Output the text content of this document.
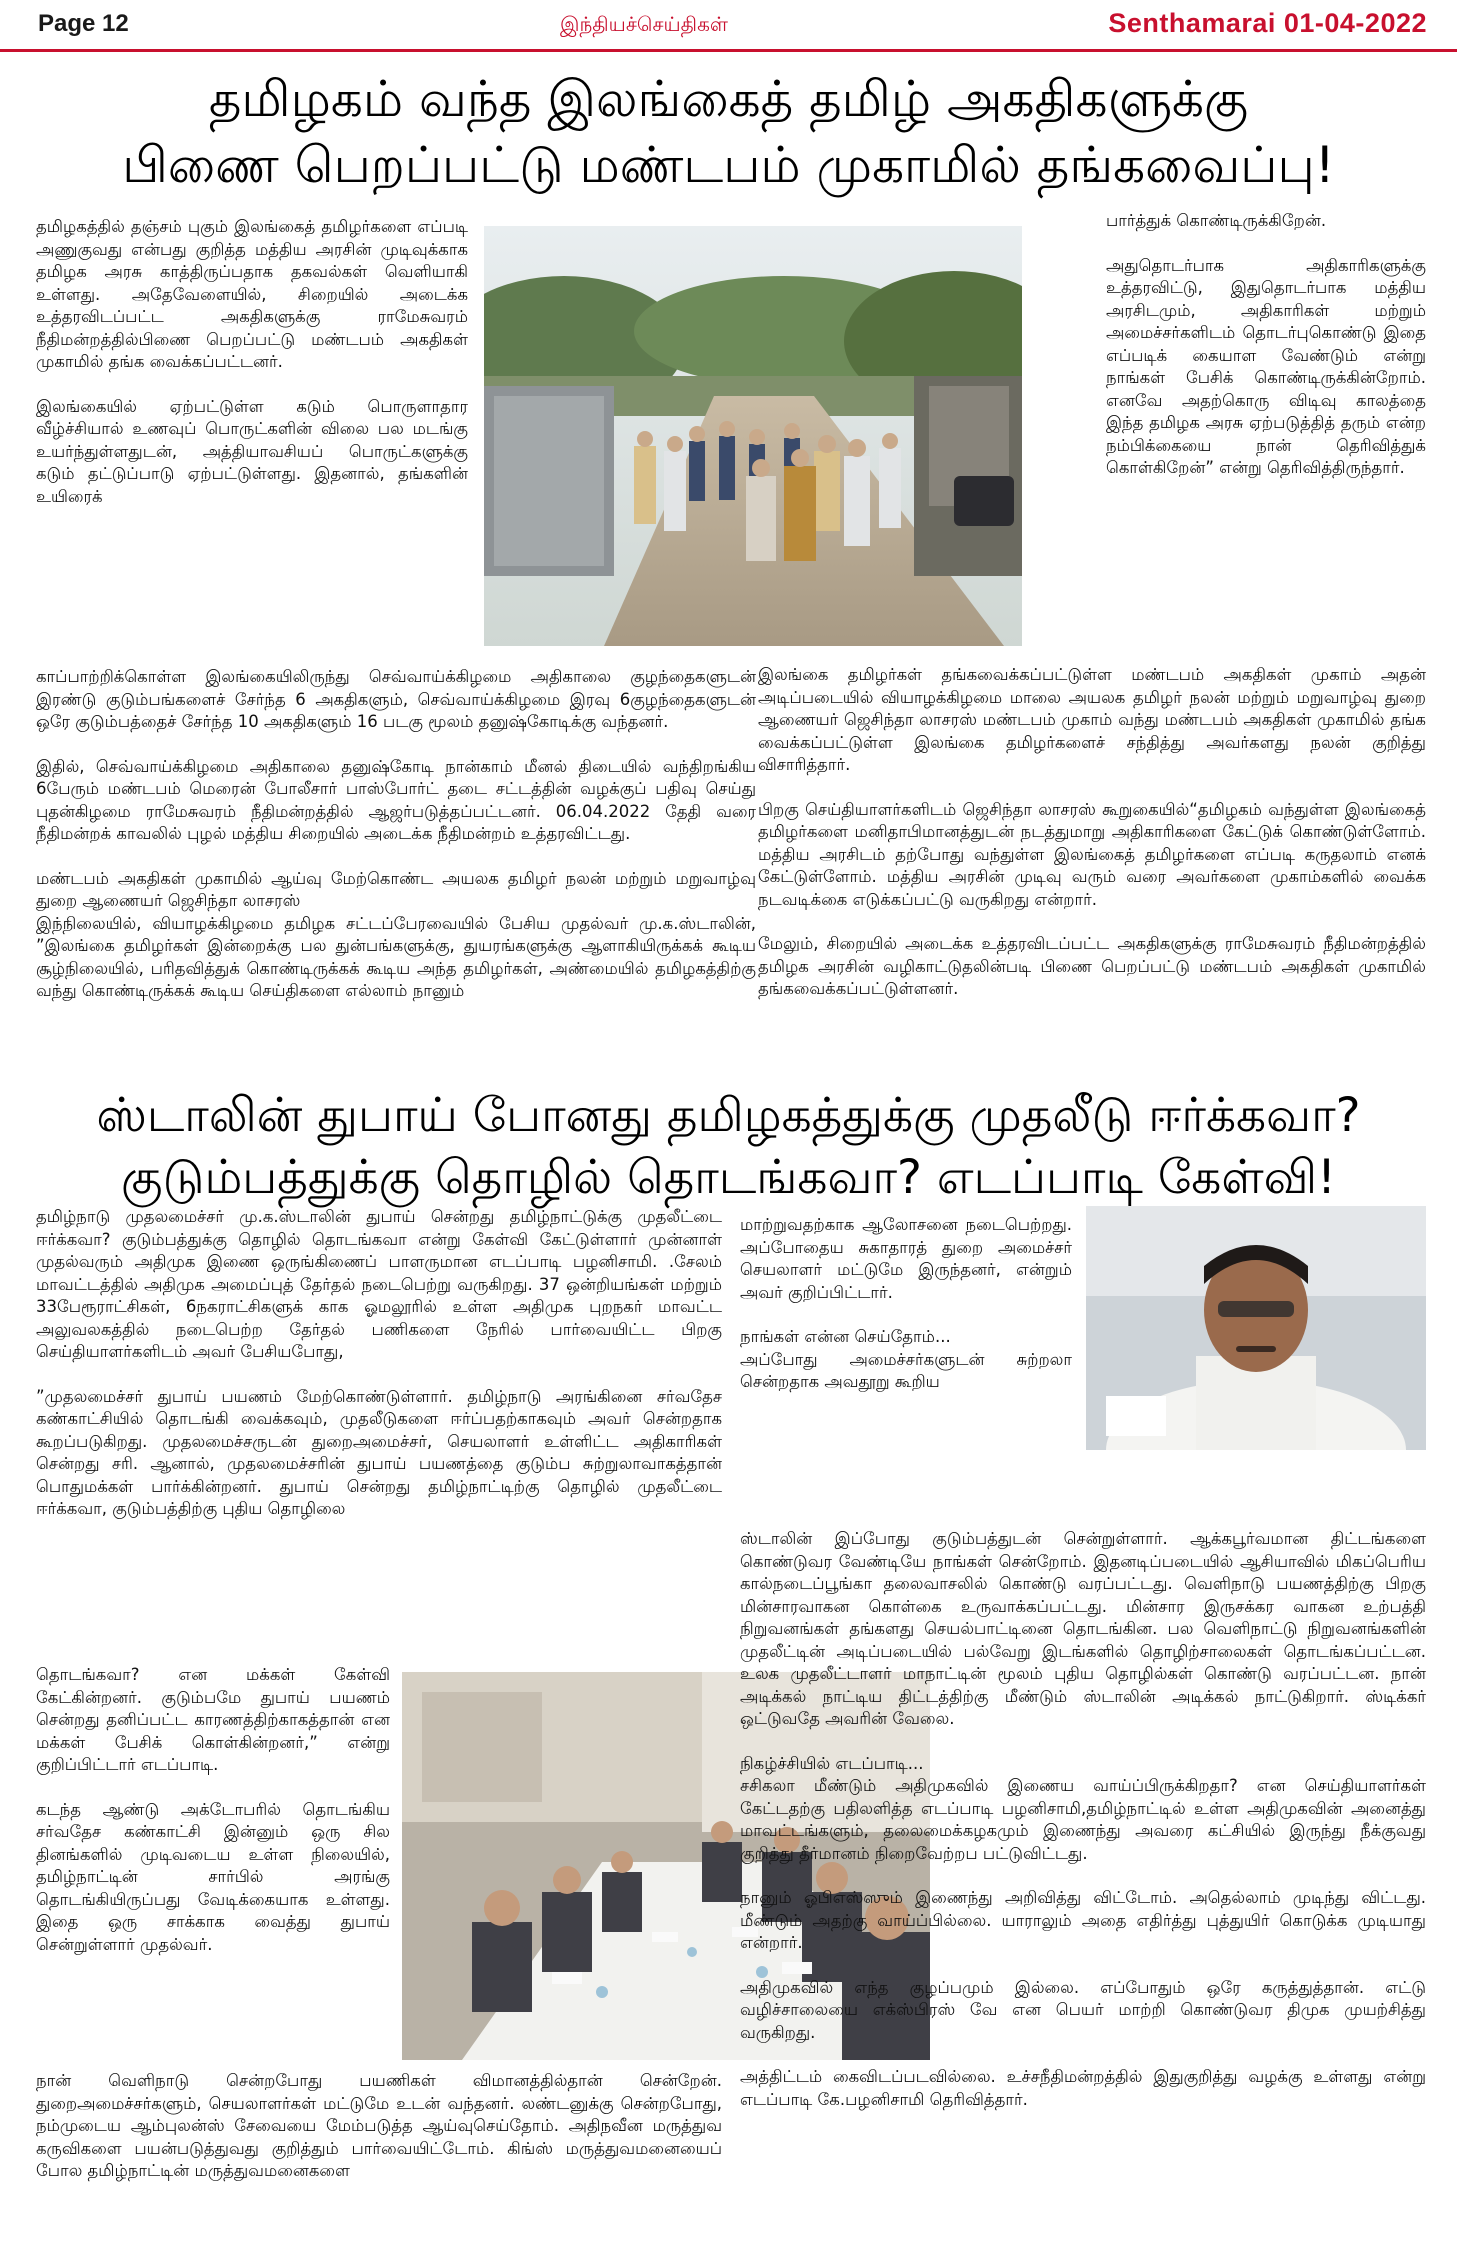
Page 12	இந்தியச்செய்திகள்	Senthamarai 01-04-2022
தமிழகம் வந்த இலங்கைத் தமிழ் அகதிகளுக்கு
பிணை பெறப்பட்டு மண்டபம் முகாமில் தங்கவைப்பு!

தமிழகத்தில் தஞ்சம் புகும் இலங்கைத் தமிழர்களை எப்படி அணுகுவது என்பது குறித்த மத்திய அரசின் முடிவுக்காக தமிழக அரசு காத்திருப்பதாக தகவல்கள் வெளியாகி உள்ளது. அதேவேளையில், சிறையில் அடைக்க உத்தரவிடப்பட்ட அகதிகளுக்கு ராமேசுவரம் நீதிமன்றத்தில்பிணை பெறப்பட்டு மண்டபம் அகதிகள் முகாமில் தங்க வைக்கப்பட்டனர்.

இலங்கையில் ஏற்பட்டுள்ள கடும் பொருளாதார வீழ்ச்சியால் உணவுப் பொருட்களின் விலை பல மடங்கு உயர்ந்துள்ளதுடன், அத்தியாவசியப் பொருட்களுக்கு கடும் தட்டுப்பாடு ஏற்பட்டுள்ளது. இதனால், தங்களின் உயிரைக்

காப்பாற்றிக்கொள்ள இலங்கையிலிருந்து செவ்வாய்க்கிழமை அதிகாலை குழந்தைகளுடன் இரண்டு குடும்பங்களைச் சேர்ந்த 6 அகதிகளும், செவ்வாய்க்கிழமை இரவு 6குழந்தைகளுடன் ஒரே குடும்பத்தைச் சேர்ந்த 10 அகதிகளும் 16 படகு மூலம் தனுஷ்கோடிக்கு வந்தனர்.

இதில், செவ்வாய்க்கிழமை அதிகாலை தனுஷ்கோடி நான்காம் மீனல் திடையில் வந்திறங்கிய 6பேரும் மண்டபம் மெரைன் போலீசார் பாஸ்போர்ட் தடை சட்டத்தின் வழக்குப் பதிவு செய்து புதன்கிழமை ராமேசுவரம் நீதிமன்றத்தில் ஆஜர்படுத்தப்பட்டனர். 06.04.2022 தேதி வரை நீதிமன்றக் காவலில் புழல் மத்திய சிறையில் அடைக்க நீதிமன்றம் உத்தரவிட்டது.

மண்டபம் அகதிகள் முகாமில் ஆய்வு மேற்கொண்ட அயலக தமிழர் நலன் மற்றும் மறுவாழ்வு துறை ஆணையர் ஜெசிந்தா லாசரஸ்
இந்நிலையில், வியாழக்கிழமை தமிழக சட்டப்பேரவையில் பேசிய முதல்வர் மு.க.ஸ்டாலின், ”இலங்கை தமிழர்கள் இன்றைக்கு பல துன்பங்களுக்கு, துயரங்களுக்கு ஆளாகியிருக்கக் கூடிய சூழ்நிலையில், பரிதவித்துக் கொண்டிருக்கக் கூடிய அந்த தமிழர்கள், அண்மையில் தமிழகத்திற்கு வந்து கொண்டிருக்கக் கூடிய செய்திகளை எல்லாம் நானும்

பார்த்துக் கொண்டிருக்கிறேன்.

அதுதொடர்பாக அதிகாரிகளுக்கு உத்தரவிட்டு, இதுதொடர்பாக மத்திய அரசிடமும், அதிகாரிகள் மற்றும் அமைச்சர்களிடம் தொடர்புகொண்டு இதை எப்படிக் கையாள வேண்டும் என்று நாங்கள் பேசிக் கொண்டிருக்கின்றோம். எனவே அதற்கொரு விடிவு காலத்தை இந்த தமிழக அரசு ஏற்படுத்தித் தரும் என்ற நம்பிக்கையை நான் தெரிவித்துக் கொள்கிறேன்” என்று தெரிவித்திருந்தார்.

இலங்கை தமிழர்கள் தங்கவைக்கப்பட்டுள்ள மண்டபம் அகதிகள் முகாம் அதன் அடிப்படையில் வியாழக்கிழமை மாலை அயலக தமிழர் நலன் மற்றும் மறுவாழ்வு துறை ஆணையர் ஜெசிந்தா லாசரஸ் மண்டபம் முகாம் வந்து மண்டபம் அகதிகள் முகாமில் தங்க வைக்கப்பட்டுள்ள இலங்கை தமிழர்களைச் சந்தித்து அவர்களது நலன் குறித்து விசாரித்தார்.

பிறகு செய்தியாளர்களிடம் ஜெசிந்தா லாசரஸ் கூறுகையில்“தமிழகம் வந்துள்ள இலங்கைத் தமிழர்களை மனிதாபிமானத்துடன் நடத்துமாறு அதிகாரிகளை கேட்டுக் கொண்டுள்ளோம். மத்திய அரசிடம் தற்போது வந்துள்ள இலங்கைத் தமிழர்களை எப்படி கருதலாம் எனக் கேட்டுள்ளோம். மத்திய அரசின் முடிவு வரும் வரை அவர்களை முகாம்களில் வைக்க நடவடிக்கை எடுக்கப்பட்டு வருகிறது என்றார்.

மேலும், சிறையில் அடைக்க உத்தரவிடப்பட்ட அகதிகளுக்கு ராமேசுவரம் நீதிமன்றத்தில் தமிழக அரசின் வழிகாட்டுதலின்படி பிணை பெறப்பட்டு மண்டபம் அகதிகள் முகாமில் தங்கவைக்கப்பட்டுள்ளனர்.

ஸ்டாலின் துபாய் போனது தமிழகத்துக்கு முதலீடு ஈர்க்கவா?
குடும்பத்துக்கு தொழில் தொடங்கவா? எடப்பாடி கேள்வி!

தமிழ்நாடு முதலமைச்சர் மு.க.ஸ்டாலின் துபாய் சென்றது தமிழ்நாட்டுக்கு முதலீட்டை ஈர்க்கவா? குடும்பத்துக்கு தொழில் தொடங்கவா என்று கேள்வி கேட்டுள்ளார் முன்னாள் முதல்வரும் அதிமுக இணை ஒருங்கிணைப் பாளருமான எடப்பாடி பழனிசாமி. .சேலம் மாவட்டத்தில் அதிமுக அமைப்புத் தேர்தல் நடைபெற்று வருகிறது. 37 ஒன்றியங்கள் மற்றும் 33பேரூராட்சிகள், 6நகராட்சிகளுக் காக ஓமலூரில் உள்ள அதிமுக புறநகர் மாவட்ட அலுவலகத்தில் நடைபெற்ற தேர்தல் பணிகளை நேரில் பார்வையிட்ட பிறகு செய்தியாளர்களிடம் அவர் பேசியபோது,

”முதலமைச்சர் துபாய் பயணம் மேற்கொண்டுள்ளார். தமிழ்நாடு அரங்கினை சர்வதேச கண்காட்சியில் தொடங்கி வைக்கவும், முதலீடுகளை ஈர்ப்பதற்காகவும் அவர் சென்றதாக கூறப்படுகிறது. முதலமைச்சருடன் துறைஅமைச்சர், செயலாளர் உள்ளிட்ட அதிகாரிகள் சென்றது சரி. ஆனால், முதலமைச்சரின் துபாய் பயணத்தை குடும்ப சுற்றுலாவாகத்தான் பொதுமக்கள் பார்க்கின்றனர். துபாய் சென்றது தமிழ்நாட்டிற்கு தொழில் முதலீட்டை ஈர்க்கவா, குடும்பத்திற்கு புதிய தொழிலை

தொடங்கவா? என மக்கள் கேள்வி கேட்கின்றனர். குடும்பமே துபாய் பயணம் சென்றது தனிப்பட்ட காரணத்திற்காகத்தான் என மக்கள் பேசிக் கொள்கின்றனர்,” என்று குறிப்பிட்டார் எடப்பாடி.

கடந்த ஆண்டு அக்டோபரில் தொடங்கிய சர்வதேச கண்காட்சி இன்னும் ஒரு சில தினங்களில் முடிவடைய உள்ள நிலையில், தமிழ்நாட்டின் சார்பில் அரங்கு தொடங்கியிருப்பது வேடிக்கையாக உள்ளது. இதை ஒரு சாக்காக வைத்து துபாய் சென்றுள்ளார் முதல்வர்.

நான் வெளிநாடு சென்றபோது பயணிகள் விமானத்தில்தான் சென்றேன். துறைஅமைச்சர்களும், செயலாளர்கள் மட்டுமே உடன் வந்தனர். லண்டனுக்கு சென்றபோது, நம்முடைய ஆம்புலன்ஸ் சேவையை மேம்படுத்த ஆய்வுசெய்தோம். அதிநவீன மருத்துவ கருவிகளை பயன்படுத்துவது குறித்தும் பார்வையிட்டோம். கிங்ஸ் மருத்துவமனையைப் போல தமிழ்நாட்டின் மருத்துவமனைகளை

மாற்றுவதற்காக ஆலோசனை நடைபெற்றது. அப்போதைய சுகாதாரத் துறை அமைச்சர் செயலாளர் மட்டுமே இருந்தனர், என்றும் அவர் குறிப்பிட்டார்.

நாங்கள் என்ன செய்தோம்...
அப்போது அமைச்சர்களுடன் சுற்றலா சென்றதாக அவதூறு கூறிய

ஸ்டாலின் இப்போது குடும்பத்துடன் சென்றுள்ளார். ஆக்கபூர்வமான திட்டங்களை கொண்டுவர வேண்டியே நாங்கள் சென்றோம். இதனடிப்படையில் ஆசியாவில் மிகப்பெரிய கால்நடைப்பூங்கா தலைவாசலில் கொண்டு வரப்பட்டது. வெளிநாடு பயணத்திற்கு பிறகு மின்சாரவாகன கொள்கை உருவாக்கப்பட்டது. மின்சார இருசக்கர வாகன உற்பத்தி நிறுவனங்கள் தங்களது செயல்பாட்டினை தொடங்கின. பல வெளிநாட்டு நிறுவனங்களின் முதலீட்டின் அடிப்படையில் பல்வேறு இடங்களில் தொழிற்சாலைகள் தொடங்கப்பட்டன. உலக முதலீட்டாளர் மாநாட்டின் மூலம் புதிய தொழில்கள் கொண்டு வரப்பட்டன. நான் அடிக்கல் நாட்டிய திட்டத்திற்கு மீண்டும் ஸ்டாலின் அடிக்கல் நாட்டுகிறார். ஸ்டிக்கர் ஒட்டுவதே அவரின் வேலை.

நிகழ்ச்சியில் எடப்பாடி...
சசிகலா மீண்டும் அதிமுகவில் இணைய வாய்ப்பிருக்கிறதா? என செய்தியாளர்கள் கேட்டதற்கு பதிலளித்த எடப்பாடி பழனிசாமி,தமிழ்நாட்டில் உள்ள அதிமுகவின் அனைத்து மாவட்டங்களும், தலைமைக்கழகமும் இணைந்து அவரை கட்சியில் இருந்து நீக்குவது குறித்து தீர்மானம் நிறைவேற்றப பட்டுவிட்டது.

நானும் ஓபிஎஸ்ஸும் இணைந்து அறிவித்து விட்டோம். அதெல்லாம் முடிந்து விட்டது. மீண்டும் அதற்கு வாய்ப்பில்லை. யாராலும் அதை எதிர்த்து புத்துயிர் கொடுக்க முடியாது என்றார்.

அதிமுகவில் எந்த குழப்பமும் இல்லை. எப்போதும் ஒரே கருத்துத்தான். எட்டு வழிச்சாலையை எக்ஸ்பிரஸ் வே என பெயர் மாற்றி கொண்டுவர திமுக முயற்சித்து வருகிறது.

அத்திட்டம் கைவிடப்படவில்லை. உச்சநீதிமன்றத்தில் இதுகுறித்து வழக்கு உள்ளது என்று எடப்பாடி கே.பழனிசாமி தெரிவித்தார்.
